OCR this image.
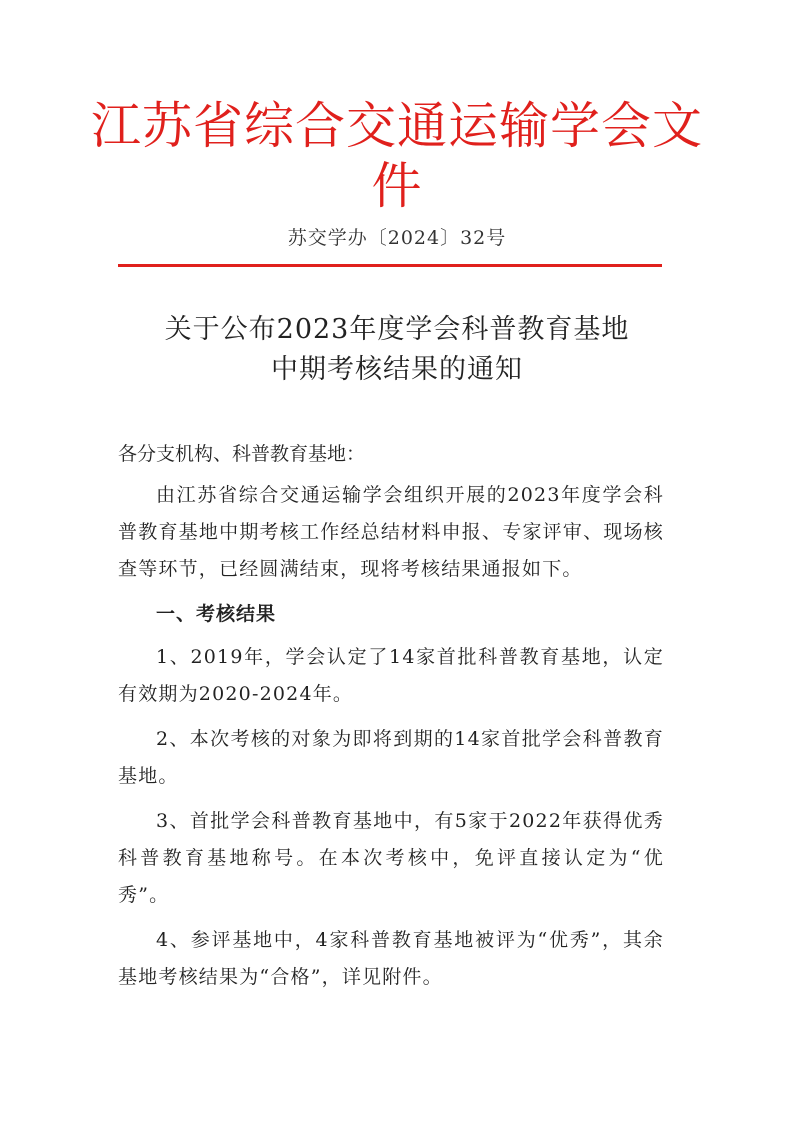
江苏省综合交通运输学会文件
苏交学办〔2024〕32号
关于公布2023年度学会科普教育基地
中期考核结果的通知
各分支机构、科普教育基地：
由江苏省综合交通运输学会组织开展的2023年度学会科普教育基地中期考核工作经总结材料申报、专家评审、现场核查等环节，已经圆满结束，现将考核结果通报如下。
一、考核结果
1、2019年，学会认定了14家首批科普教育基地，认定有效期为2020-2024年。
2、本次考核的对象为即将到期的14家首批学会科普教育基地。
3、首批学会科普教育基地中，有5家于2022年获得优秀科普教育基地称号。在本次考核中，免评直接认定为“优秀”。
4、参评基地中，4家科普教育基地被评为“优秀”，其余基地考核结果为“合格”，详见附件。
